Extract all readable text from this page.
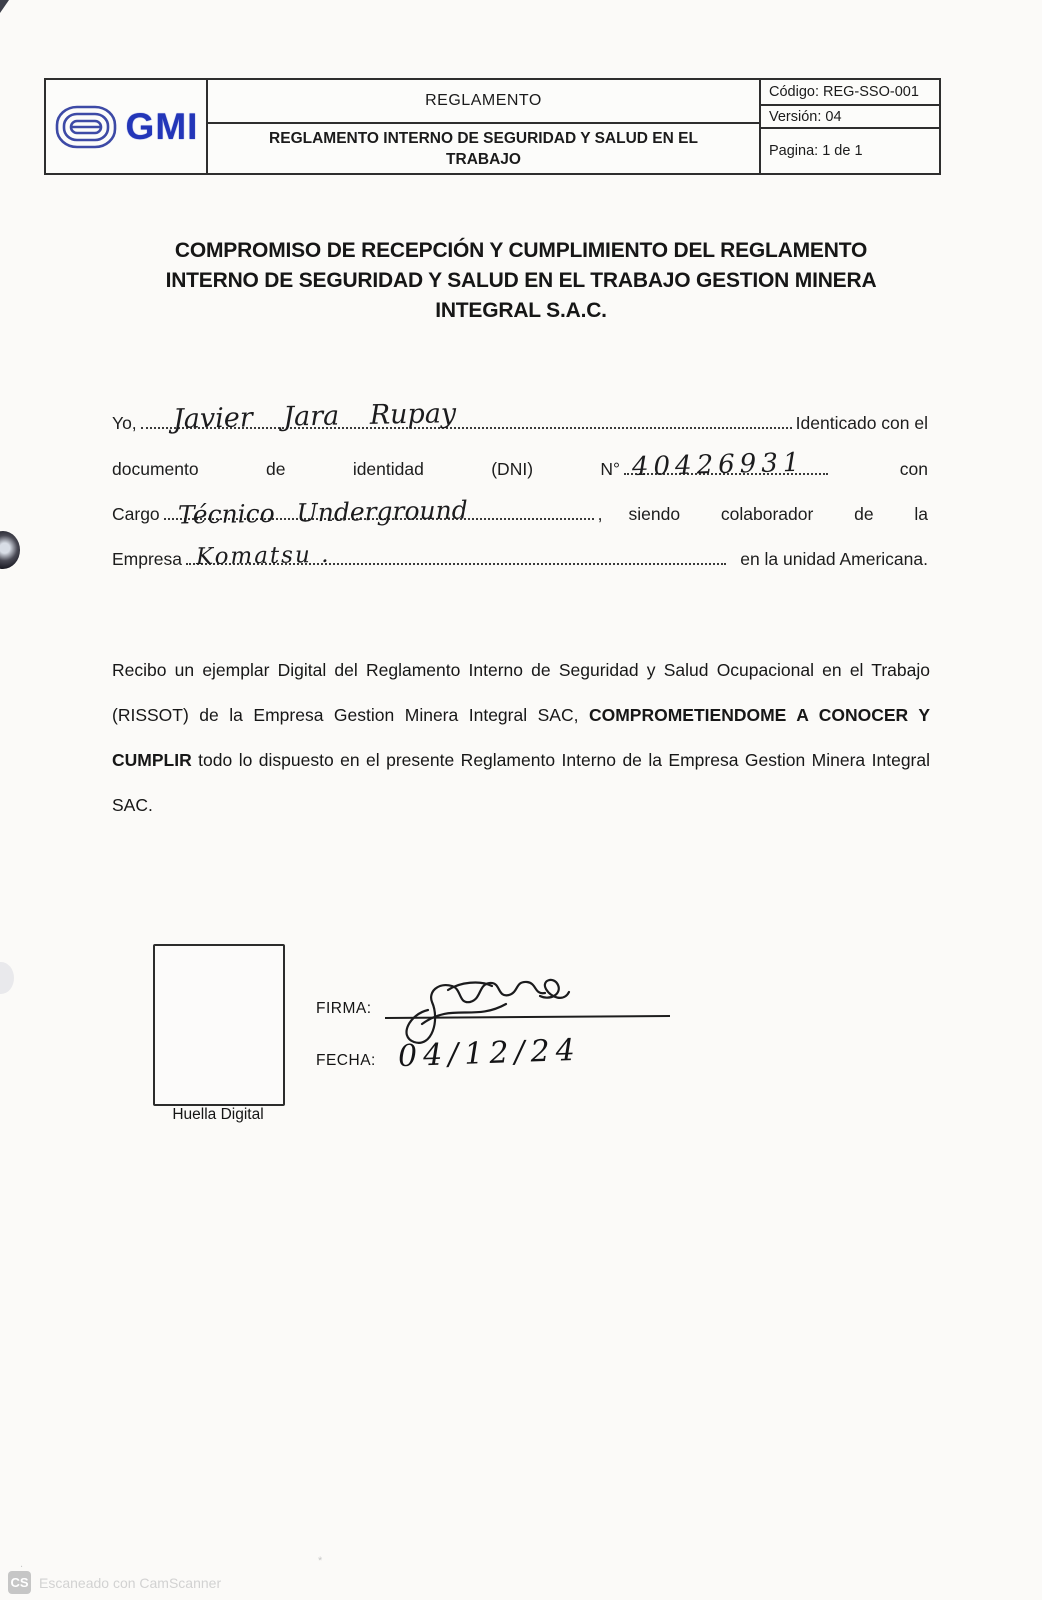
GMI
REGLAMENTO
REGLAMENTO INTERNO DE SEGURIDAD Y SALUD EN EL TRABAJO
Código: REG-SSO-001
Versión: 04
Pagina: 1 de 1
COMPROMISO DE RECEPCIÓN Y CUMPLIMIENTO DEL REGLAMENTO
INTERNO DE SEGURIDAD Y SALUD EN EL TRABAJO GESTION MINERA
INTEGRAL S.A.C.
Yo, Javier Jara Rupay	Identicado con el
documento	de	identidad	(DNI)	N° 40426931	con
Cargo Técnico Underground	, siendo colaborador de la
Empresa Komatsu .	en la unidad Americana.

Recibo un ejemplar Digital del Reglamento Interno de Seguridad y Salud Ocupacional en el Trabajo (RISSOT) de la Empresa Gestion Minera Integral SAC, COMPROMETIENDOME A CONOCER Y CUMPLIR todo lo dispuesto en el presente Reglamento Interno de la Empresa Gestion Minera Integral SAC.

Huella Digital
FIRMA:
FECHA: 04/12/24
.	*
CS Escaneado con CamScanner
